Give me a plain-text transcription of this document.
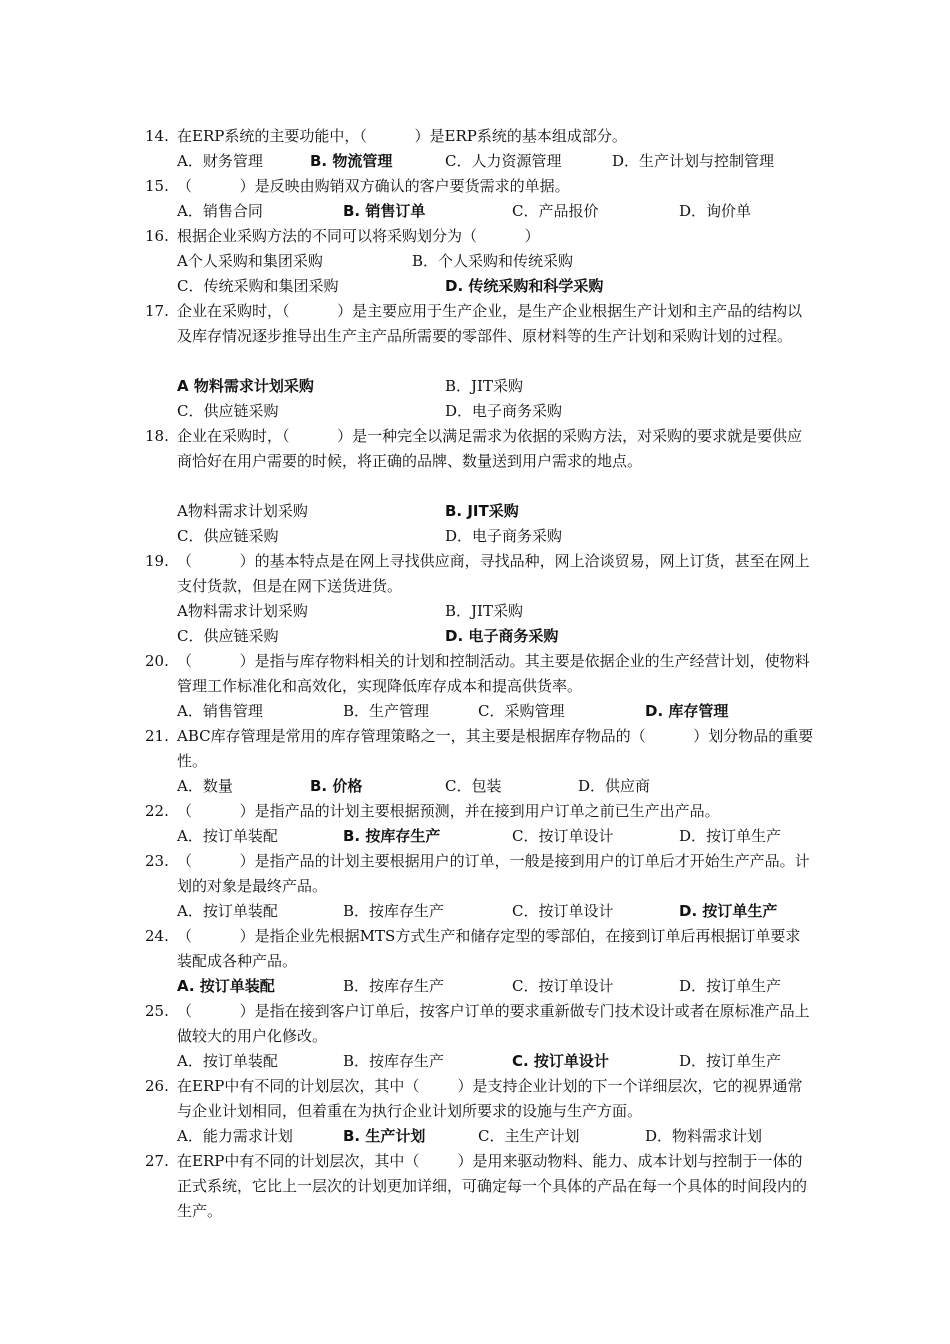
14. 在ERP系统的主要功能中，（          ）是ERP系统的基本组成部分。
A．财务管理	B. 物流管理	C．人力资源管理	D．生产计划与控制管理
15. （          ）是反映由购销双方确认的客户要货需求的单据。
A．销售合同	B. 销售订单	C．产品报价	D．询价单
16. 根据企业采购方法的不同可以将采购划分为（          ）
A个人采购和集团采购	B．个人采购和传统采购
C．传统采购和集团采购	D. 传统采购和科学采购
17. 企业在采购时，（          ）是主要应用于生产企业，是生产企业根据生产计划和主产品的结构以及库存情况逐步推导出生产主产品所需要的零部件、原材料等的生产计划和采购计划的过程。
A 物料需求计划采购	B．JIT采购
C．供应链采购	D．电子商务采购
18. 企业在采购时，（          ）是一种完全以满足需求为依据的采购方法，对采购的要求就是要供应商恰好在用户需要的时候，将正确的品牌、数量送到用户需求的地点。
A物料需求计划采购	B. JIT采购
C．供应链采购	D．电子商务采购
19. （          ）的基本特点是在网上寻找供应商，寻找品种，网上洽谈贸易，网上订货，甚至在网上支付货款，但是在网下送货进货。
A物料需求计划采购	B．JIT采购
C．供应链采购	D. 电子商务采购
20. （          ）是指与库存物料相关的计划和控制活动。其主要是依据企业的生产经营计划，使物料管理工作标准化和高效化，实现降低库存成本和提高供货率。
A．销售管理	B．生产管理	C．采购管理	D. 库存管理
21. ABC库存管理是常用的库存管理策略之一，其主要是根据库存物品的（          ）划分物品的重要性。
A．数量	B. 价格	C．包装	D．供应商
22. （          ）是指产品的计划主要根据预测，并在接到用户订单之前已生产出产品。
A．按订单装配	B. 按库存生产	C．按订单设计	D．按订单生产
23. （          ）是指产品的计划主要根据用户的订单，一般是接到用户的订单后才开始生产产品。计划的对象是最终产品。
A．按订单装配	B．按库存生产	C．按订单设计	D. 按订单生产
24. （          ）是指企业先根据MTS方式生产和储存定型的零部伯，在接到订单后再根据订单要求装配成各种产品。
A. 按订单装配	B．按库存生产	C．按订单设计	D．按订单生产
25. （          ）是指在接到客户订单后，按客户订单的要求重新做专门技术设计或者在原标准产品上做较大的用户化修改。
A．按订单装配	B．按库存生产	C. 按订单设计	D．按订单生产
26. 在ERP中有不同的计划层次，其中（        ）是支持企业计划的下一个详细层次，它的视界通常与企业计划相同，但着重在为执行企业计划所要求的设施与生产方面。
A．能力需求计划	B. 生产计划	C．主生产计划	D．物料需求计划
27. 在ERP中有不同的计划层次，其中（        ）是用来驱动物料、能力、成本计划与控制于一体的正式系统，它比上一层次的计划更加详细，可确定每一个具体的产品在每一个具体的时间段内的生产。
